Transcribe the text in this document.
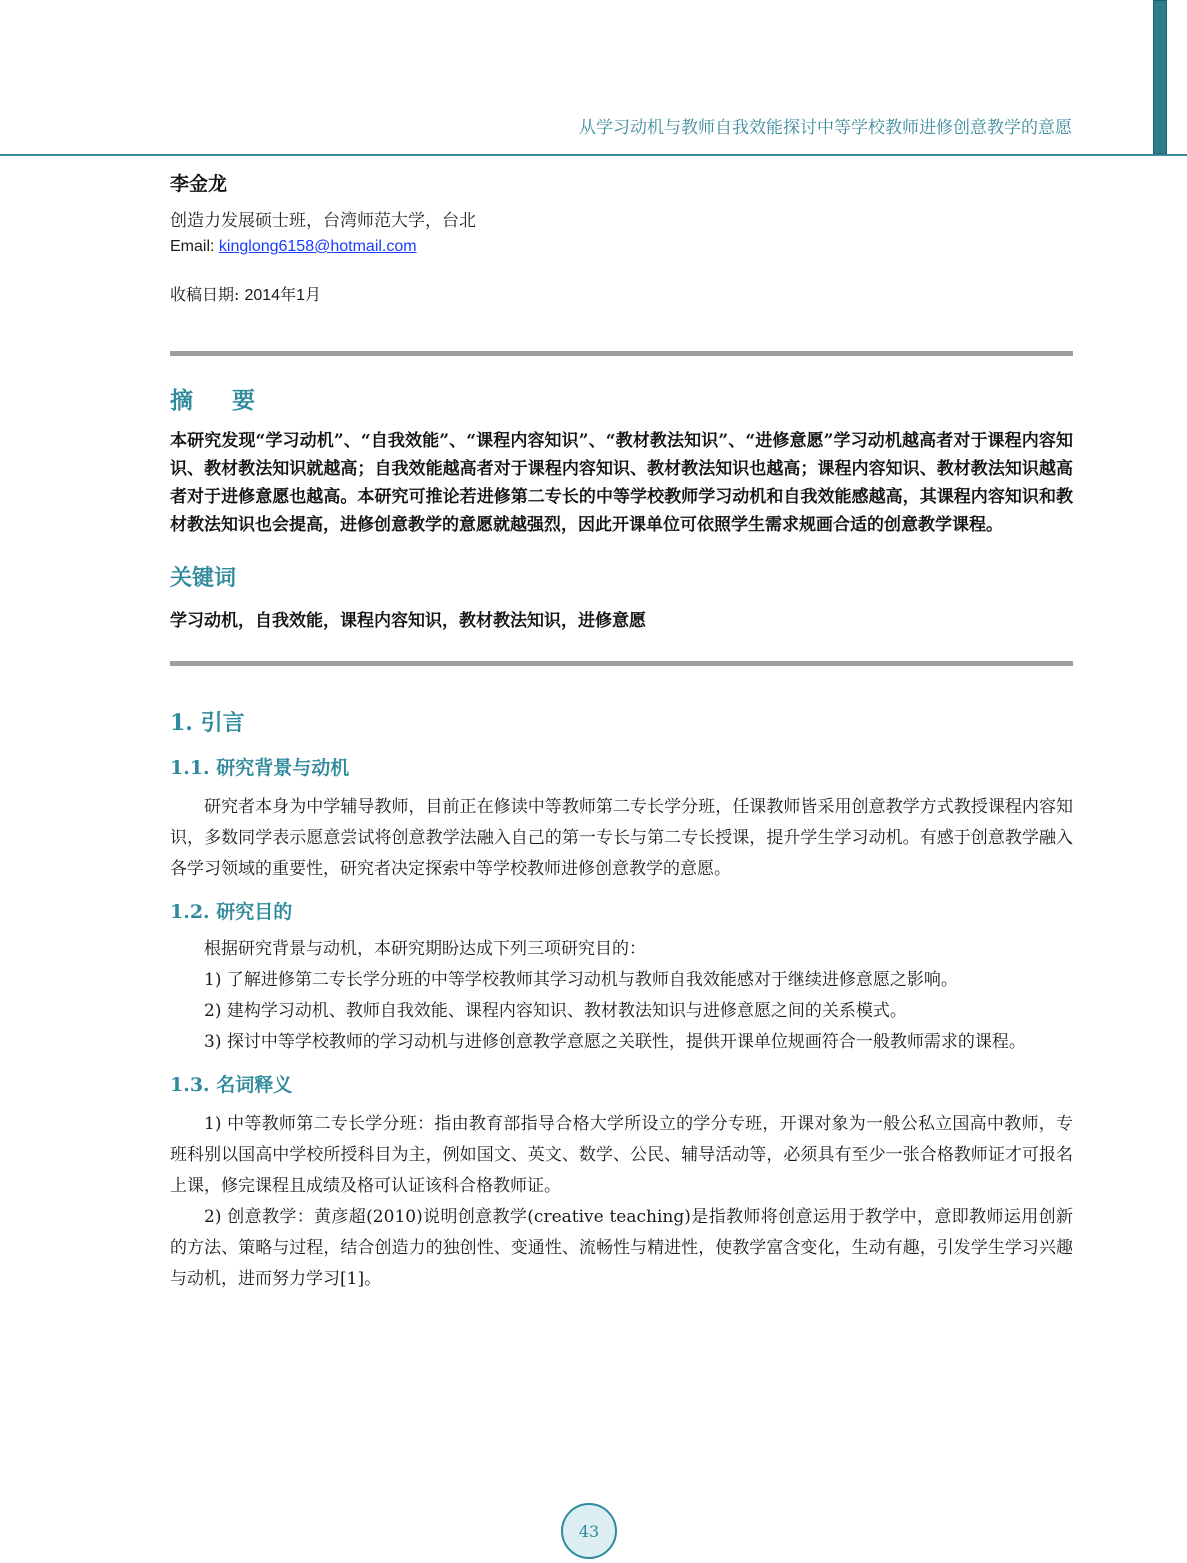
从学习动机与教师自我效能探讨中等学校教师进修创意教学的意愿

李金龙

创造力发展硕士班，台湾师范大学，台北
Email: kinglong6158@hotmail.com
收稿日期: 2014年1月

摘　要

本研究发现“学习动机”、“自我效能”、“课程内容知识”、“教材教法知识”、“进修意愿”学习动机越高者对于课程内容知识、教材教法知识就越高；自我效能越高者对于课程内容知识、教材教法知识也越高；课程内容知识、教材教法知识越高者对于进修意愿也越高。本研究可推论若进修第二专长的中等学校教师学习动机和自我效能感越高，其课程内容知识和教材教法知识也会提高，进修创意教学的意愿就越强烈，因此开课单位可依照学生需求规画合适的创意教学课程。

关键词

学习动机，自我效能，课程内容知识，教材教法知识，进修意愿

1. 引言

1.1. 研究背景与动机

研究者本身为中学辅导教师，目前正在修读中等教师第二专长学分班，任课教师皆采用创意教学方式教授课程内容知识，多数同学表示愿意尝试将创意教学法融入自己的第一专长与第二专长授课，提升学生学习动机。有感于创意教学融入各学习领域的重要性，研究者决定探索中等学校教师进修创意教学的意愿。

1.2. 研究目的

根据研究背景与动机，本研究期盼达成下列三项研究目的：

1) 了解进修第二专长学分班的中等学校教师其学习动机与教师自我效能感对于继续进修意愿之影响。

2) 建构学习动机、教师自我效能、课程内容知识、教材教法知识与进修意愿之间的关系模式。

3) 探讨中等学校教师的学习动机与进修创意教学意愿之关联性，提供开课单位规画符合一般教师需求的课程。

1.3. 名词释义

1) 中等教师第二专长学分班：指由教育部指导合格大学所设立的学分专班，开课对象为一般公私立国高中教师，专班科别以国高中学校所授科目为主，例如国文、英文、数学、公民、辅导活动等，必须具有至少一张合格教师证才可报名上课，修完课程且成绩及格可认证该科合格教师证。

2) 创意教学：黄彦超(2010)说明创意教学(creative teaching)是指教师将创意运用于教学中，意即教师运用创新的方法、策略与过程，结合创造力的独创性、变通性、流畅性与精进性，使教学富含变化，生动有趣，引发学生学习兴趣与动机，进而努力学习[1]。

43
